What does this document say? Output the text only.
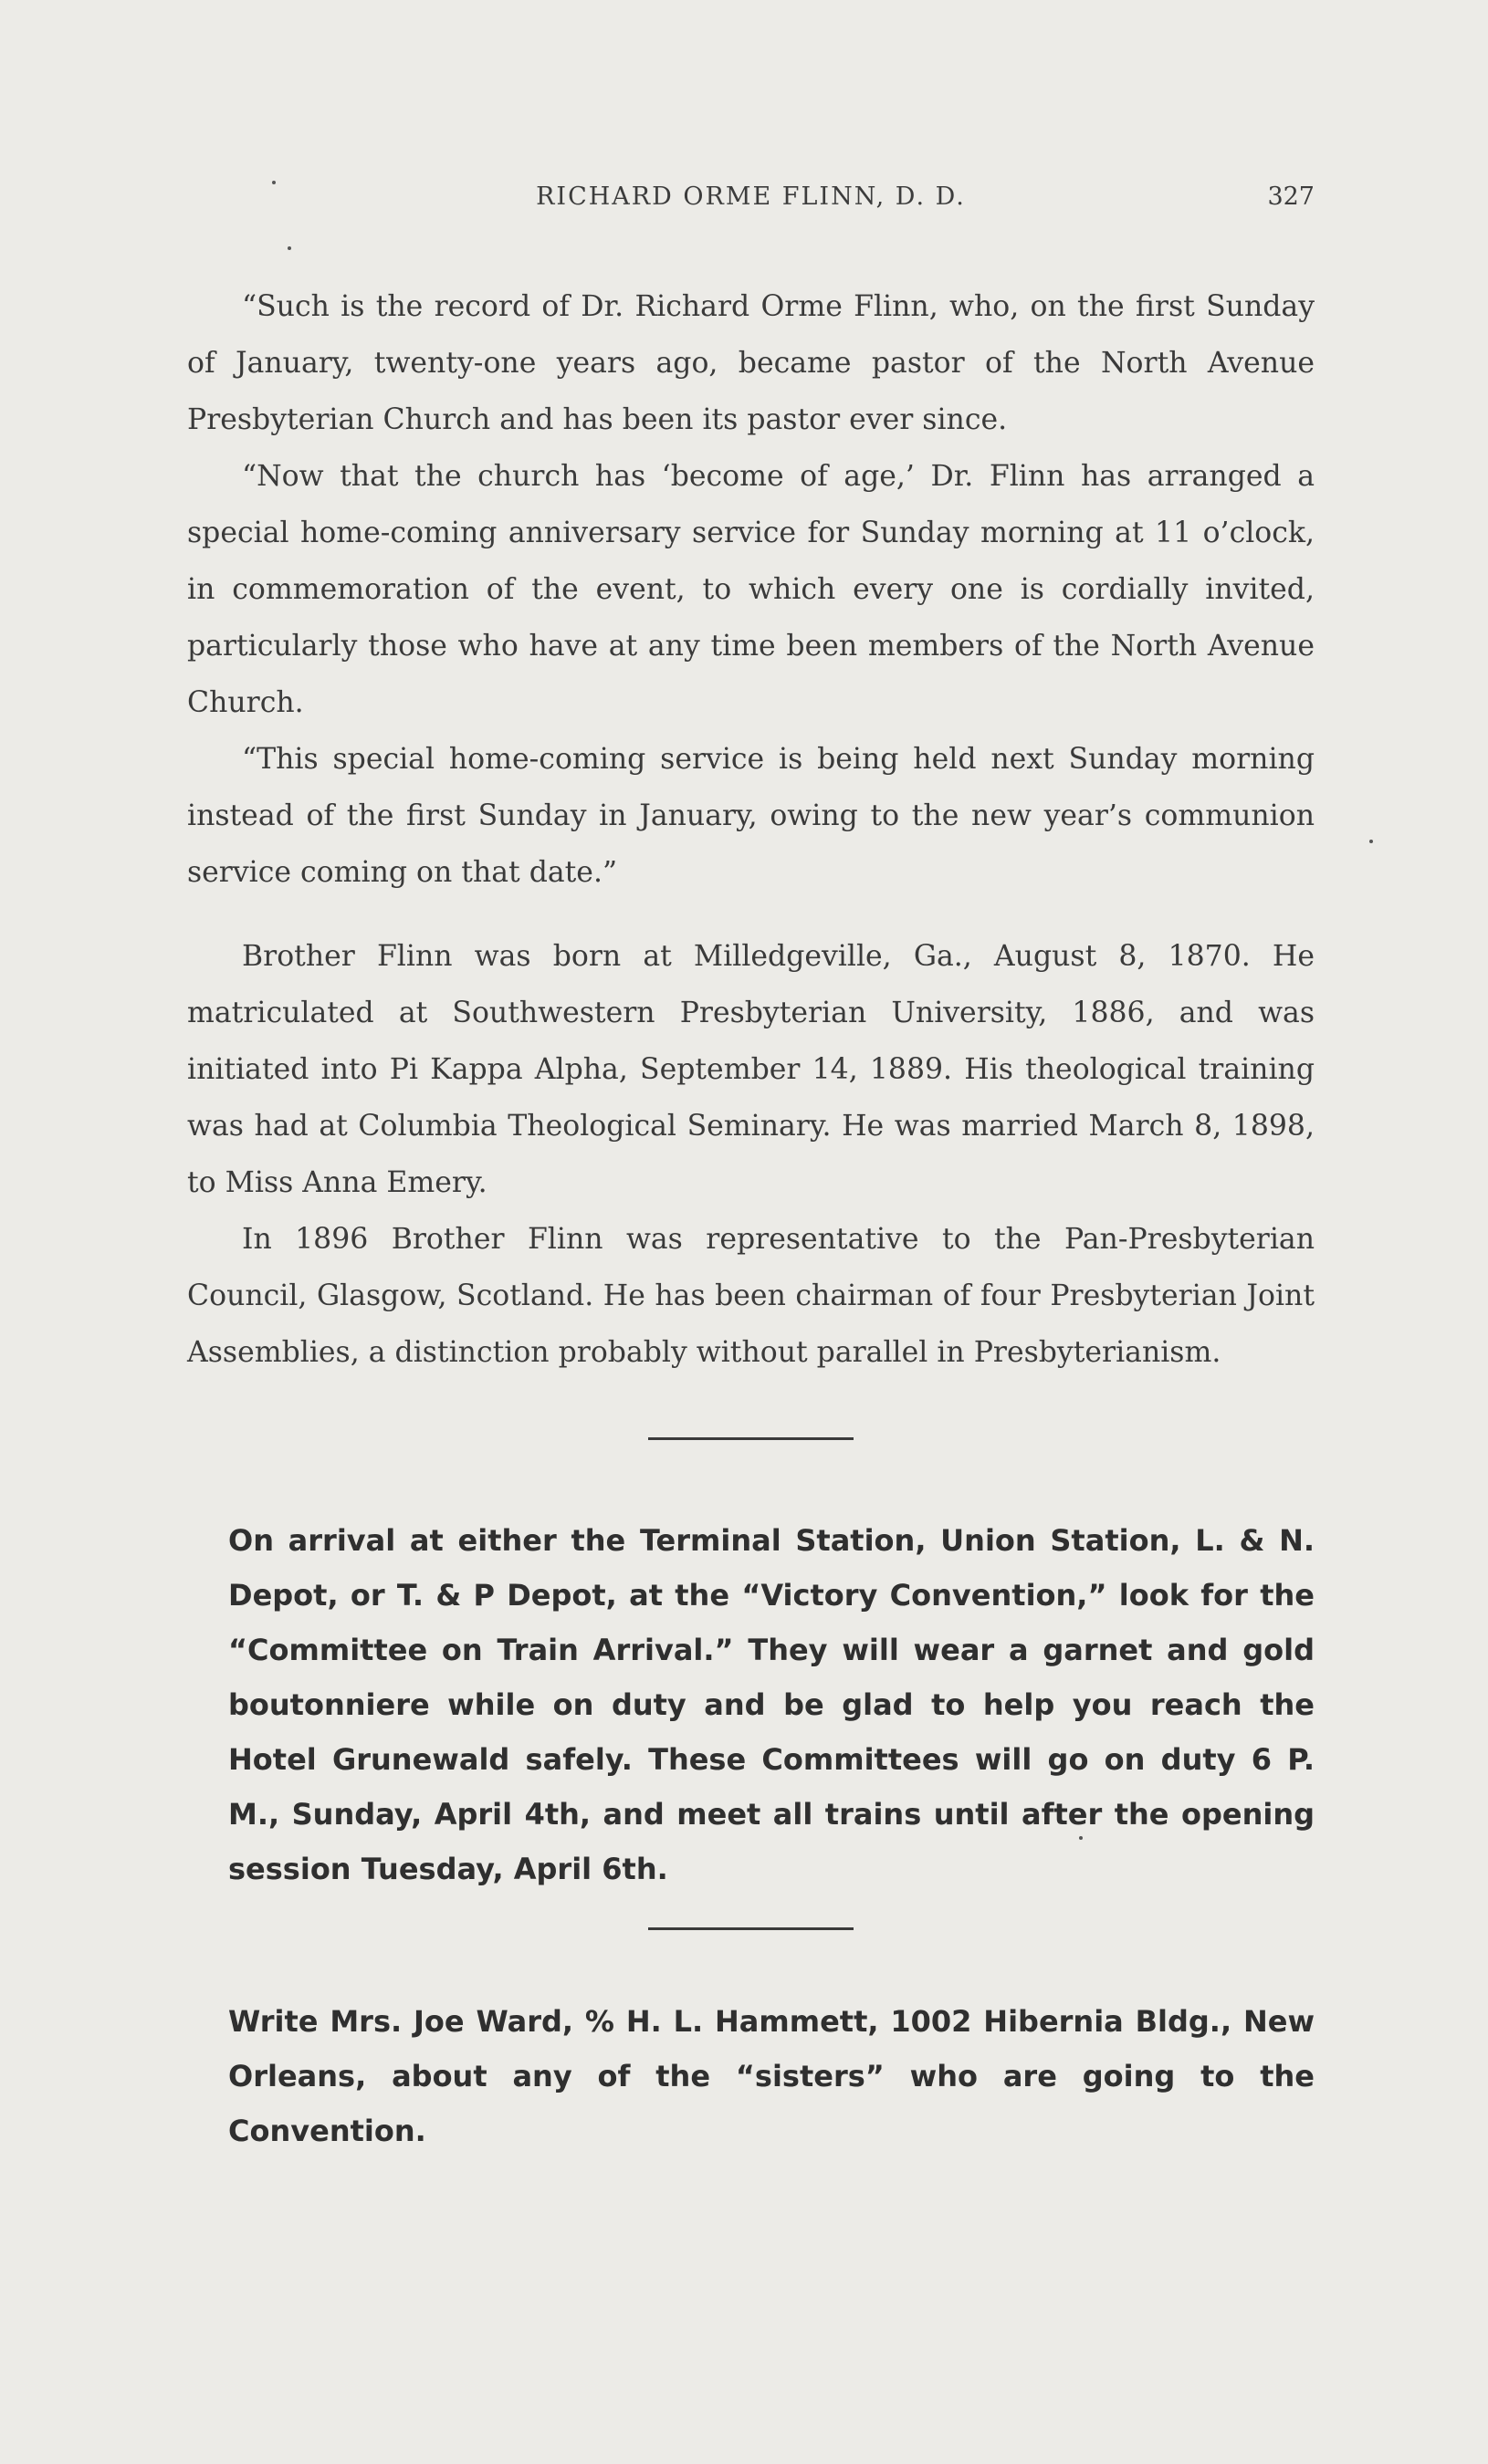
RICHARD ORME FLINN, D. D.	327

“Such is the record of Dr. Richard Orme Flinn, who, on the first Sunday of January, twenty-one years ago, became pastor of the North Avenue Presbyterian Church and has been its pastor ever since.

“Now that the church has ‘become of age,’ Dr. Flinn has arranged a special home-coming anniversary service for Sunday morning at 11 o’clock, in commemoration of the event, to which every one is cordially invited, particularly those who have at any time been members of the North Avenue Church.

“This special home-coming service is being held next Sunday morning instead of the first Sunday in January, owing to the new year’s communion service coming on that date.”

Brother Flinn was born at Milledgeville, Ga., August 8, 1870. He matriculated at Southwestern Presbyterian University, 1886, and was initiated into Pi Kappa Alpha, September 14, 1889. His theological training was had at Columbia Theological Seminary. He was married March 8, 1898, to Miss Anna Emery.

In 1896 Brother Flinn was representative to the Pan-Presbyterian Council, Glasgow, Scotland. He has been chairman of four Presbyterian Joint Assemblies, a distinction probably without parallel in Presbyterianism.

On arrival at either the Terminal Station, Union Station, L. & N. Depot, or T. & P Depot, at the “Victory Convention,” look for the “Committee on Train Arrival.” They will wear a garnet and gold boutonniere while on duty and be glad to help you reach the Hotel Grunewald safely. These Committees will go on duty 6 P. M., Sunday, April 4th, and meet all trains until after the opening session Tuesday, April 6th.

Write Mrs. Joe Ward, % H. L. Hammett, 1002 Hibernia Bldg., New Orleans, about any of the “sisters” who are going to the Convention.
